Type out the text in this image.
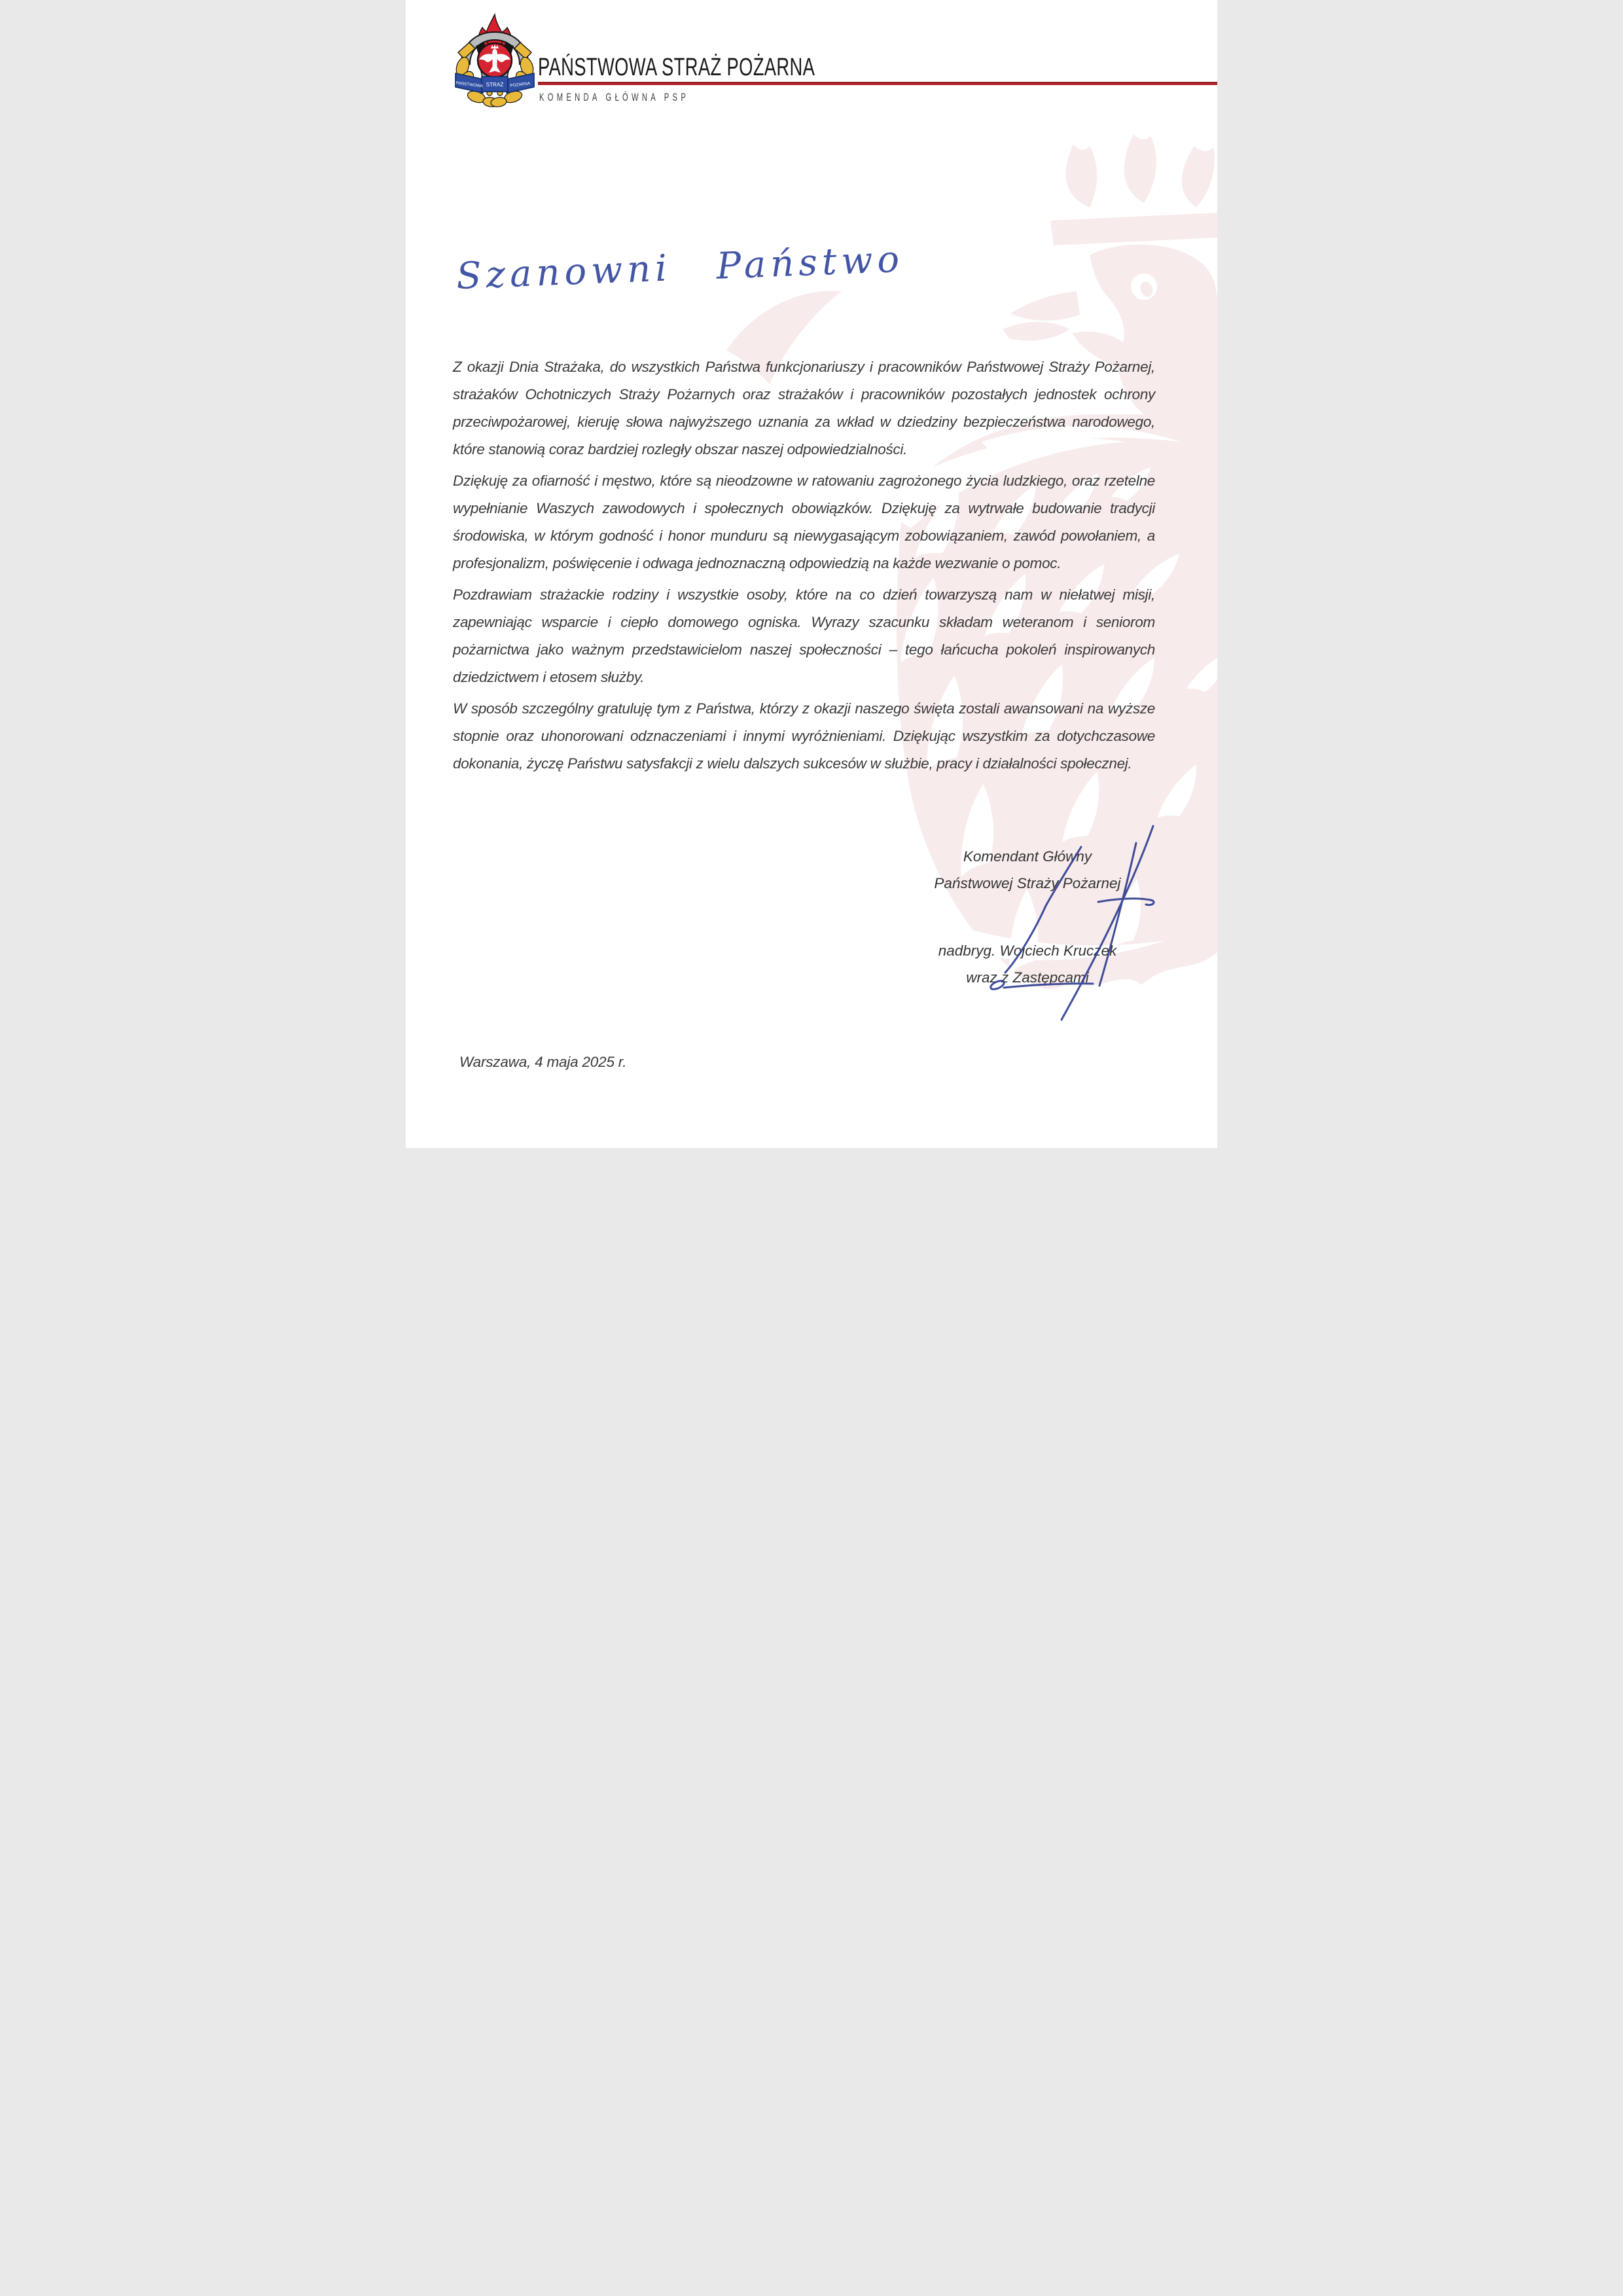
PAŃSTWOWA STRAŻ POŻARNA
PAŃSTWOWA STRAŻ POŻARNA
KOMENDA GŁÓWNA PSP
Szanowni Państwo

Z okazji Dnia Strażaka, do wszystkich Państwa funkcjonariuszy i pracowników Państwowej Straży Pożarnej, strażaków Ochotniczych Straży Pożarnych oraz strażaków i pracowników pozostałych jednostek ochrony przeciwpożarowej, kieruję słowa najwyższego uznania za wkład w dziedziny bezpieczeństwa narodowego, które stanowią coraz bardziej rozległy obszar naszej odpowiedzialności.

Dziękuję za ofiarność i męstwo, które są nieodzowne w ratowaniu zagrożonego życia ludzkiego, oraz rzetelne wypełnianie Waszych zawodowych i społecznych obowiązków. Dziękuję za wytrwałe budowanie tradycji środowiska, w którym godność i honor munduru są niewygasającym zobowiązaniem, zawód powołaniem, a profesjonalizm, poświęcenie i odwaga jednoznaczną odpowiedzią na każde wezwanie o pomoc.

Pozdrawiam strażackie rodziny i wszystkie osoby, które na co dzień towarzyszą nam w niełatwej misji, zapewniając wsparcie i ciepło domowego ogniska. Wyrazy szacunku składam weteranom i seniorom pożarnictwa jako ważnym przedstawicielom naszej społeczności – tego łańcucha pokoleń inspirowanych dziedzictwem i etosem służby.

W sposób szczególny gratuluję tym z Państwa, którzy z okazji naszego święta zostali awansowani na wyższe stopnie oraz uhonorowani odznaczeniami i innymi wyróżnieniami. Dziękując wszystkim za dotychczasowe dokonania, życzę Państwu satysfakcji z wielu dalszych sukcesów w służbie, pracy i działalności społecznej.

Komendant Główny
Państwowej Straży Pożarnej
nadbryg. Wojciech Kruczek
wraz z Zastępcami
Warszawa, 4 maja 2025 r.
